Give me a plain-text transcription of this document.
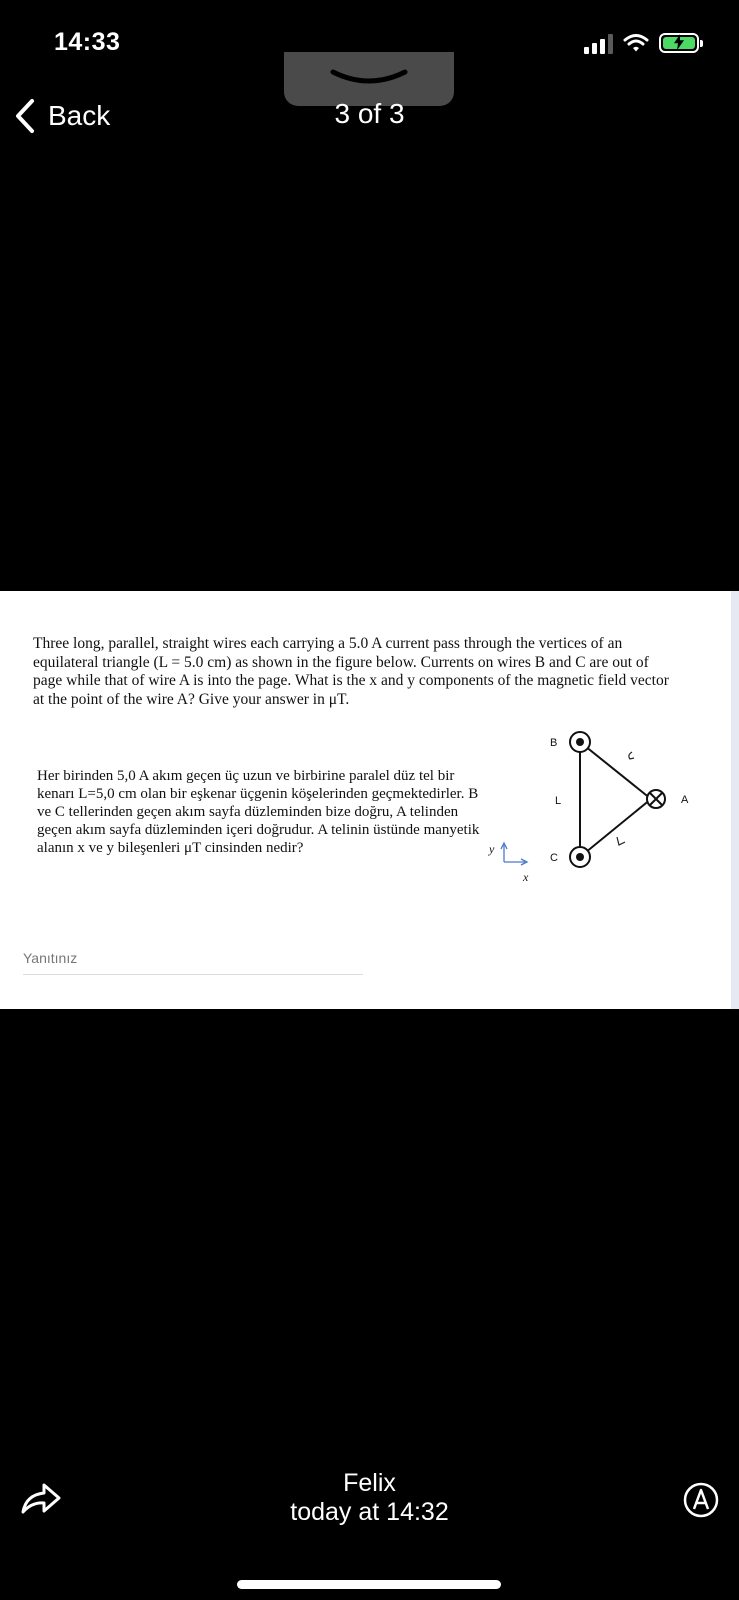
14:33
3 of 3
Back
Three long, parallel, straight wires each carrying a 5.0 A current pass through the vertices of an equilateral triangle (L = 5.0 cm) as shown in the figure below. Currents on wires B and C are out of page while that of wire A is into the page. What is the x and y components of the magnetic field vector at the point of the wire A? Give your answer in μT.
Her birinden 5,0 A akım geçen üç uzun ve birbirine paralel düz tel bir kenarı L=5,0 cm olan bir eşkenar üçgenin köşelerinden geçmektedirler. B ve C tellerinden geçen akım sayfa düzleminden bize doğru, A telinden geçen akım sayfa düzleminden içeri doğrudur. A telinin üstünde manyetik alanın x ve y bileşenleri μT cinsinden nedir?
B
C
A
L
y
x
Yanıtınız
Felix
today at 14:32
